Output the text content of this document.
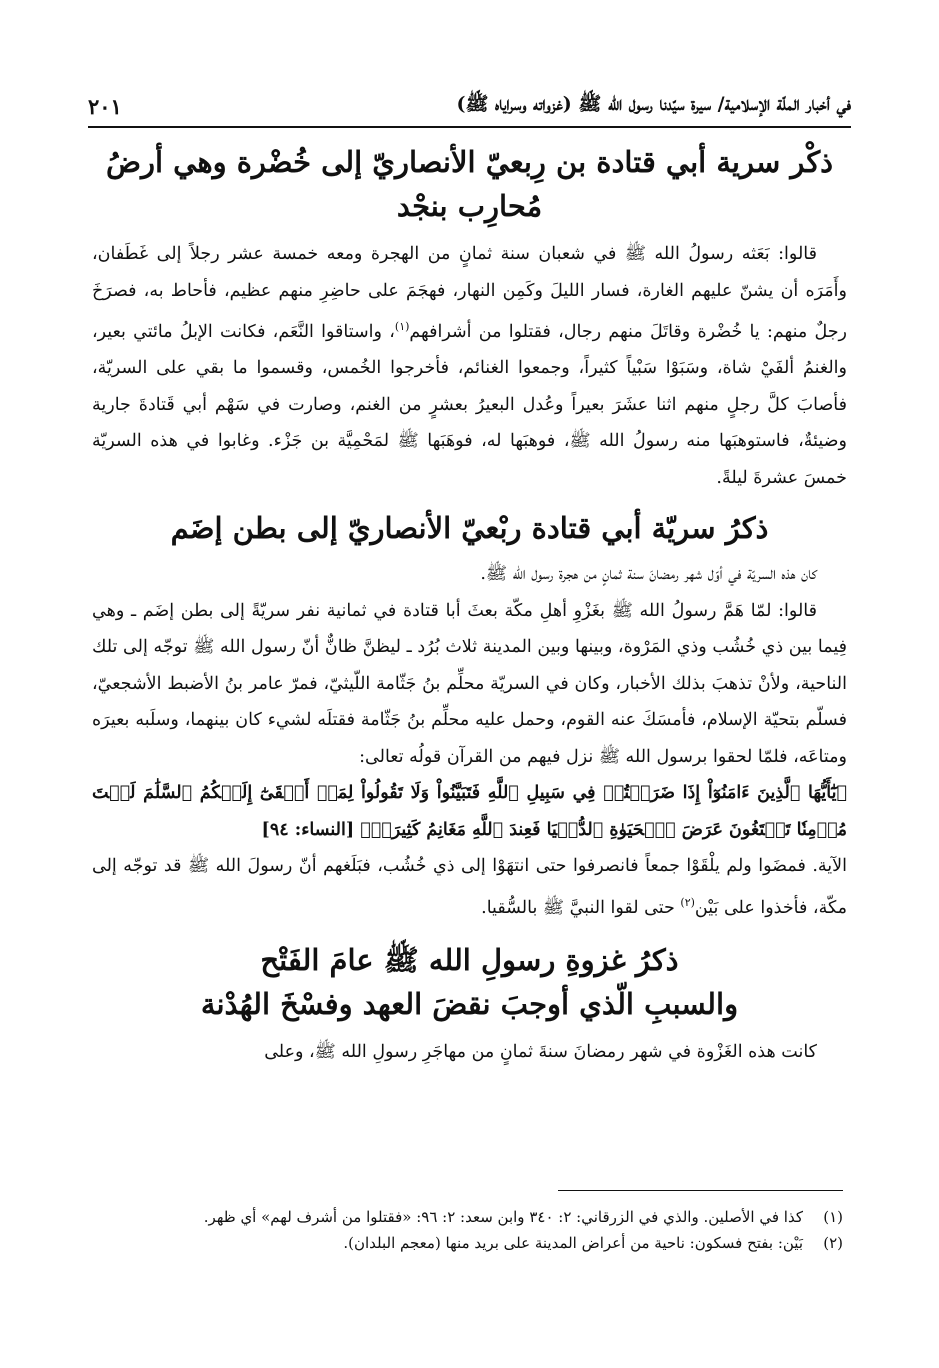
في أخبار الملّة الإسلامية/ سيرة سيّدنا رسول الله ﷺ (غزواته وسراياه ﷺ)
٢٠١
ذكْر سرية أبي قتادة بن رِبعيّ الأنصاريّ إلى خُضْرة وهي أرضُ
مُحارِب بنجْد

قالوا: بَعَثه رسولُ الله ﷺ في شعبان سنة ثمانٍ من الهجرة ومعه خمسة عشر رجلاً إلى غَطَفان، وأَمَرَه أن يشنّ عليهم الغارة، فسار الليلَ وكَمِن النهار، فهجَمَ على حاضِرِ منهم عظيم، فأحاط به، فصرَخَ رجلٌ منهم: يا خُضْرة وقاتَلَ منهم رجال، فقتلوا من أشرافهم$^{(١)}$، واستاقوا النَّعَم، فكانت الإبلُ مائتي بعير، والغنمُ ألفَيْ شاة، وسَبَوْا سَبْياً كثيراً، وجمعوا الغنائم، فأخرجوا الخُمس، وقسموا ما بقي على السريّة، فأصابَ كلَّ رجلٍ منهم اثنا عشَرَ بعيراً وعُدل البعيرُ بعشرٍ من الغنم، وصارت في سَهْم أبي قَتادةَ جارية وضيئةٌ، فاستوهبَها منه رسولُ الله ﷺ، فوهبَها له، فوهَبَها ﷺ لمَحْمِيَّة بن جَزْء. وغابوا في هذه السريّة خمسَ عشرةَ ليلةً.

ذكرُ سريّة أبي قتادة ربْعيّ الأنصاريّ إلى بطن إضَم

كان هذه السريّة في أوّل شهر رمضانَ سنة ثمانٍ من هجرة رسول الله ﷺ.

قالوا: لمّا هَمَّ رسولُ الله ﷺ بغَزْوِ أهلِ مكّة بعثَ أبا قتادة في ثمانية نفر سريّةً إلى بطن إضَم ـ وهي فِيما بين ذي خُشُب وذي المَرْوة، وبينها وبين المدينة ثلاث بُرُد ـ ليظنَّ ظانٌّ أنّ رسول الله ﷺ توجّه إلى تلك الناحية، ولأنْ تذهبَ بذلك الأخبار، وكان في السريّة محلِّم بنُ جَثّامة اللّيثيّ، فمرّ عامر بنُ الأضبط الأشجعيّ، فسلّم بتحيّة الإسلام، فأمسَكَ عنه القوم، وحمل عليه محلِّم بنُ جَثّامة فقتلَه لشيء كان بينهما، وسلَبه بعيرَه ومتاعَه، فلمّا لحقوا برسول الله ﷺ نزل فيهم من القرآن قولُه تعالى:

﴿يَٰٓأَيُّهَا ٱلَّذِينَ ءَامَنُوٓاْ إِذَا ضَرَبۡتُمۡ فِي سَبِيلِ ٱللَّهِ فَتَبَيَّنُواْ وَلَا تَقُولُواْ لِمَنۡ أَلۡقَىٰٓ إِلَيۡكُمُ ٱلسَّلَٰمَ لَسۡتَ مُؤۡمِنٗا تَبۡتَغُونَ عَرَضَ ٱلۡحَيَوٰةِ ٱلدُّنۡيَا فَعِندَ ٱللَّهِ مَغَانِمُ كَثِيرَةٞ﴾ [النساء: ٩٤]

الآية. فمضَوا ولم يلْقَوْا جمعاً فانصرفوا حتى انتهَوْا إلى ذي خُشُب، فبَلَغهم أنّ رسولَ الله ﷺ قد توجّه إلى مكّة، فأخذوا على بَيْن$^{(٢)}$ حتى لقوا النبيَّ ﷺ بالسُّقيا.

ذكرُ غزوةِ رسولِ الله ﷺ عامَ الفَتْح
والسببِ الّذي أوجبَ نقضَ العهد وفسْخَ الهُدْنة

كانت هذه الغَزْوة في شهر رمضانَ سنةَ ثمانٍ من مهاجَرِ رسولِ الله ﷺ، وعلى

(١)
كذا في الأصلين. والذي في الزرقاني: ٢: ٣٤٠ وابن سعد: ٢: ٩٦: «فقتلوا من أشرف لهم» أي ظهر.
(٢)
بَيْن: بفتح فسكون: ناحية من أعراض المدينة على بريد منها (معجم البلدان).
